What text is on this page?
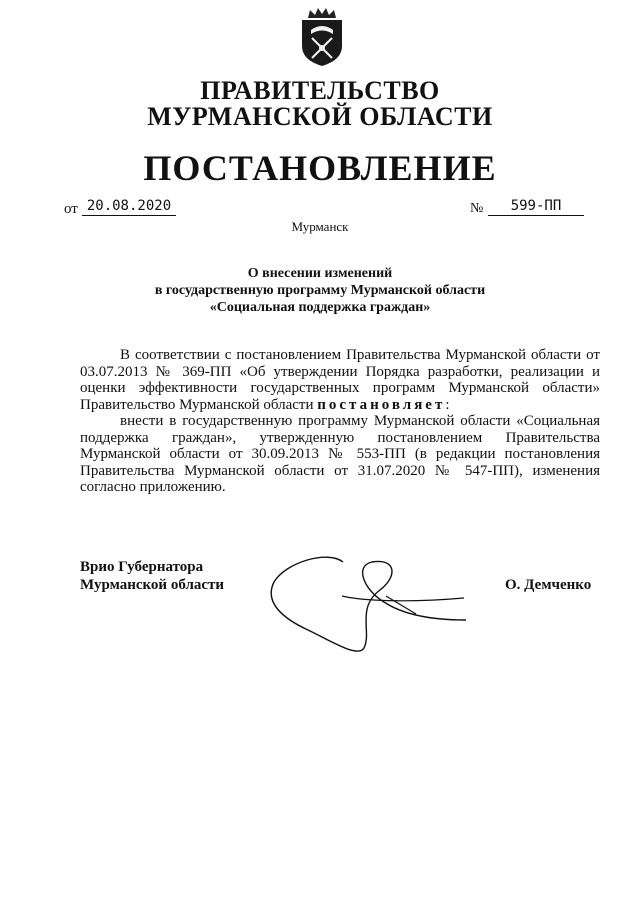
ПРАВИТЕЛЬСТВО
МУРМАНСКОЙ ОБЛАСТИ
ПОСТАНОВЛЕНИЕ
от 20.08.2020	№	599-ПП
Мурманск
О внесении изменений
в государственную программу Мурманской области
«Социальная поддержка граждан»

В соответствии с постановлением Правительства Мурманской области от 03.07.2013 № 369-ПП «Об утверждении Порядка разработки, реализации и оценки эффективности государственных программ Мурманской области» Правительство Мурманской области постановляет:

внести в государственную программу Мурманской области «Социальная поддержка граждан», утвержденную постановлением Правительства Мурманской области от 30.09.2013 № 553-ПП (в редакции постановления Правительства Мурманской области от 31.07.2020 № 547-ПП), изменения согласно приложению.

Врио Губернатора
Мурманской области	О. Демченко
